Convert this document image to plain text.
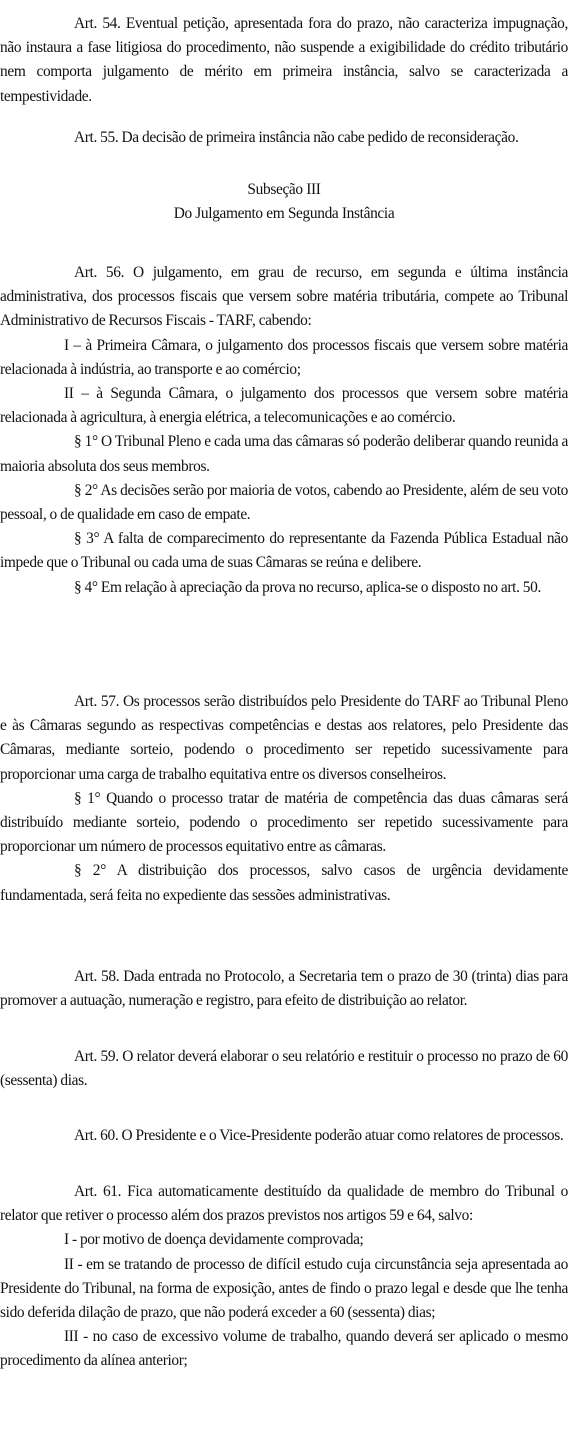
Art. 54. Eventual petição, apresentada fora do prazo, não caracteriza impugnação, não instaura a fase litigiosa do procedimento, não suspende a exigibilidade do crédito tributário nem comporta julgamento de mérito em primeira instância, salvo se caracterizada a tempestividade.

Art. 55. Da decisão de primeira instância não cabe pedido de reconsideração.

Subseção III
Do Julgamento em Segunda Instância

Art. 56. O julgamento, em grau de recurso, em segunda e última instância administrativa, dos processos fiscais que versem sobre matéria tributária, compete ao Tribunal Administrativo de Recursos Fiscais - TARF, cabendo:

I – à Primeira Câmara, o julgamento dos processos fiscais que versem sobre matéria relacionada à indústria, ao transporte e ao comércio;

II – à Segunda Câmara, o julgamento dos processos que versem sobre matéria relacionada à agricultura, à energia elétrica, a telecomunicações e ao comércio.

§ 1° O Tribunal Pleno e cada uma das câmaras só poderão deliberar quando reunida a maioria absoluta dos seus membros.

§ 2° As decisões serão por maioria de votos, cabendo ao Presidente, além de seu voto pessoal, o de qualidade em caso de empate.

§ 3° A falta de comparecimento do representante da Fazenda Pública Estadual não impede que o Tribunal ou cada uma de suas Câmaras se reúna e delibere.

§ 4° Em relação à apreciação da prova no recurso, aplica-se o disposto no art. 50.

Art. 57. Os processos serão distribuídos pelo Presidente do TARF ao Tribunal Pleno e às Câmaras segundo as respectivas competências e destas aos relatores, pelo Presidente das Câmaras, mediante sorteio, podendo o procedimento ser repetido sucessivamente para proporcionar uma carga de trabalho equitativa entre os diversos conselheiros.

§ 1° Quando o processo tratar de matéria de competência das duas câmaras será distribuído mediante sorteio, podendo o procedimento ser repetido sucessivamente para proporcionar um número de processos equitativo entre as câmaras.

§ 2° A distribuição dos processos, salvo casos de urgência devidamente fundamentada, será feita no expediente das sessões administrativas.

Art. 58. Dada entrada no Protocolo, a Secretaria tem o prazo de 30 (trinta) dias para promover a autuação, numeração e registro, para efeito de distribuição ao relator.

Art. 59. O relator deverá elaborar o seu relatório e restituir o processo no prazo de 60 (sessenta) dias.

Art. 60. O Presidente e o Vice-Presidente poderão atuar como relatores de processos.

Art. 61. Fica automaticamente destituído da qualidade de membro do Tribunal o relator que retiver o processo além dos prazos previstos nos artigos 59 e 64, salvo:

I - por motivo de doença devidamente comprovada;

II - em se tratando de processo de difícil estudo cuja circunstância seja apresentada ao Presidente do Tribunal, na forma de exposição, antes de findo o prazo legal e desde que lhe tenha sido deferida dilação de prazo, que não poderá exceder a 60 (sessenta) dias;

III - no caso de excessivo volume de trabalho, quando deverá ser aplicado o mesmo procedimento da alínea anterior;
